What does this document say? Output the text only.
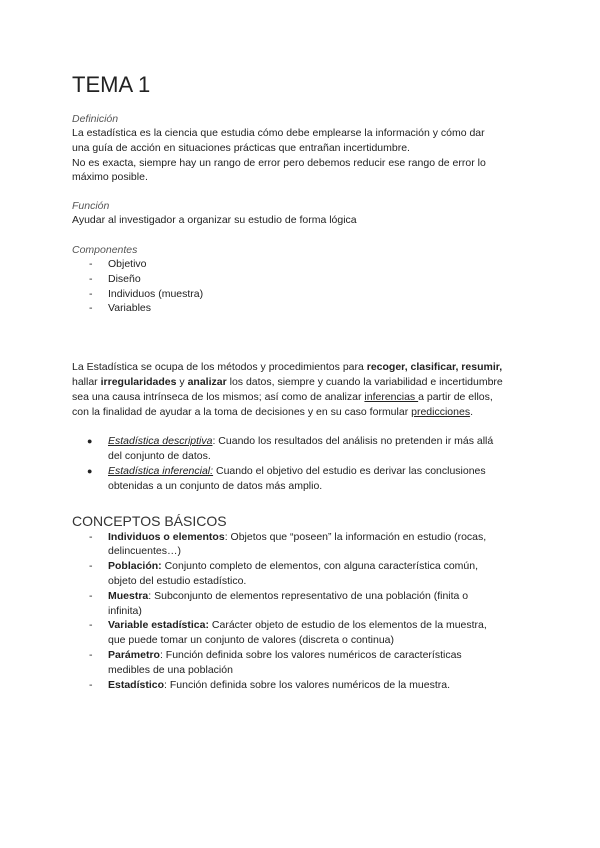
TEMA 1
Definición

La estadística es la ciencia que estudia cómo debe emplearse la información y cómo dar

una guía de acción en situaciones prácticas que entrañan incertidumbre.

No es exacta, siempre hay un rango de error pero debemos reducir ese rango de error lo

máximo posible.

Función

Ayudar al investigador a organizar su estudio de forma lógica

Componentes
- Objetivo
- Diseño
- Individuos (muestra)
- Variables

La Estadística se ocupa de los métodos y procedimientos para recoger, clasificar, resumir,

hallar irregularidades y analizar los datos, siempre y cuando la variabilidad e incertidumbre

sea una causa intrínseca de los mismos; así como de analizar inferencias a partir de ellos,

con la finalidad de ayudar a la toma de decisiones y en su caso formular predicciones.

● Estadística descriptiva: Cuando los resultados del análisis no pretenden ir más allá
del conjunto de datos.
● Estadística inferencial: Cuando el objetivo del estudio es derivar las conclusiones
obtenidas a un conjunto de datos más amplio.
CONCEPTOS BÁSICOS
- Individuos o elementos: Objetos que “poseen” la información en estudio (rocas,
delincuentes…)
- Población: Conjunto completo de elementos, con alguna característica común,
objeto del estudio estadístico.
- Muestra: Subconjunto de elementos representativo de una población (finita o
infinita)
- Variable estadística: Carácter objeto de estudio de los elementos de la muestra,
que puede tomar un conjunto de valores (discreta o continua)
- Parámetro: Función definida sobre los valores numéricos de características
medibles de una población
- Estadístico: Función definida sobre los valores numéricos de la muestra.
